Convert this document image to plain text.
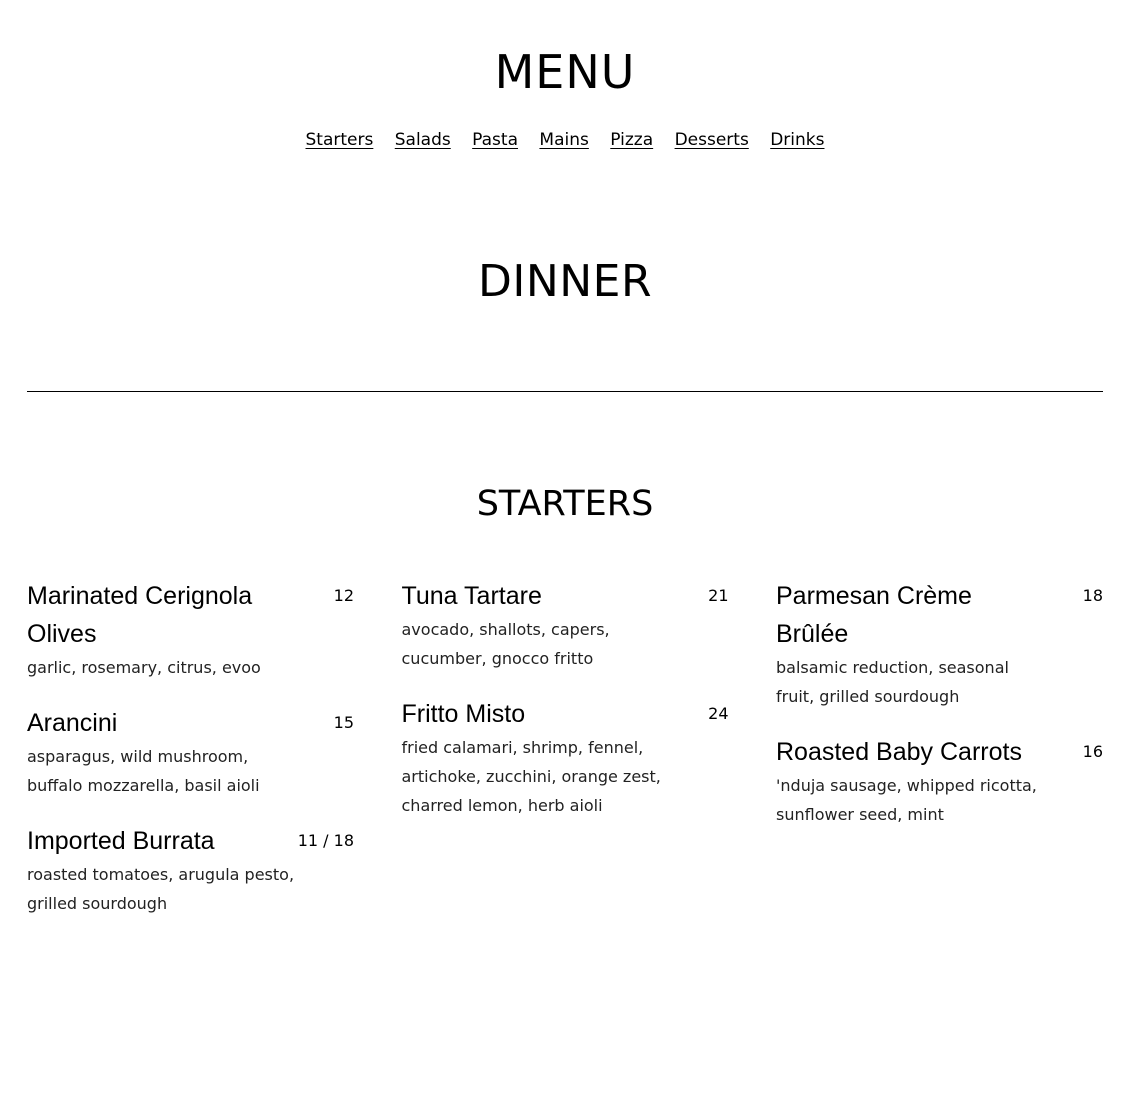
MENU
Starters Salads Pasta Mains Pizza Desserts Drinks
DINNER
STARTERS
Marinated Cerignola Olives
12
garlic, rosemary, citrus, evoo
Arancini	15
asparagus, wild mushroom, buffalo mozzarella, basil aioli
Imported Burrata	11 / 18
roasted tomatoes, arugula pesto, grilled sourdough
Tuna Tartare	21
avocado, shallots, capers, cucumber, gnocco fritto
Fritto Misto	24
fried calamari, shrimp, fennel, artichoke, zucchini, orange zest, charred lemon, herb aioli
Parmesan Crème Brûlée
18
balsamic reduction, seasonal fruit, grilled sourdough
Roasted Baby Carrots	16
'nduja sausage, whipped ricotta, sunflower seed, mint
